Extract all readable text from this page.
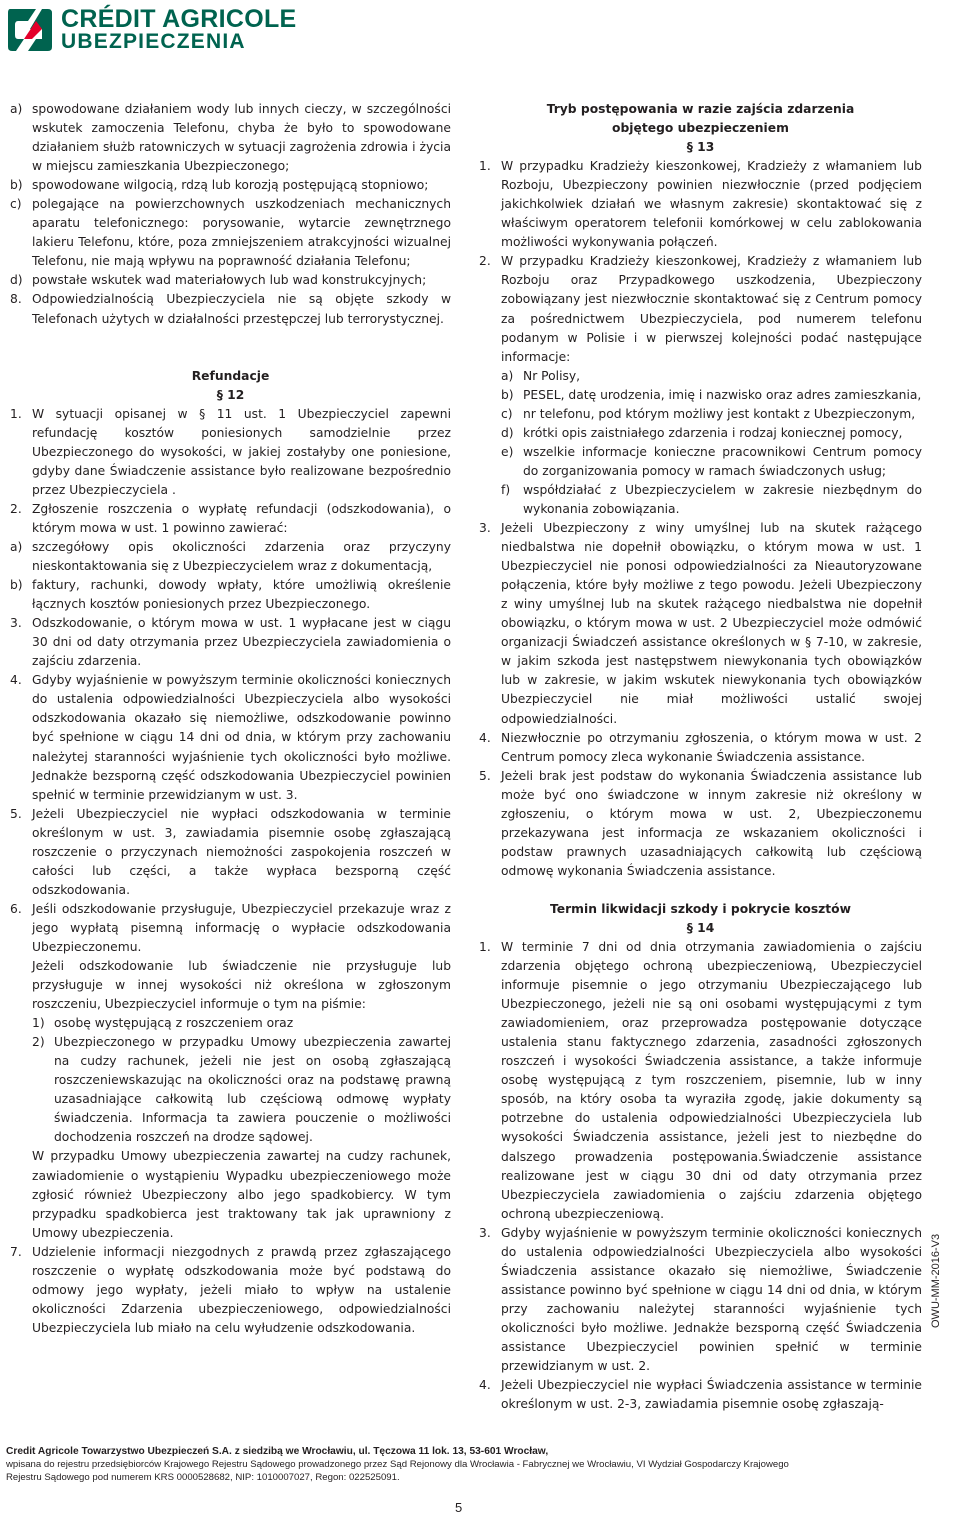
CRÉDIT AGRICOLE
UBEZPIECZENIA
a) spowodowane działaniem wody lub innych cieczy, w szczególności wskutek zamoczenia Telefonu, chyba że było to spowodowane działaniem służb ratowniczych w sytuacji zagrożenia zdrowia i życia w miejscu zamieszkania Ubezpieczonego;
b) spowodowane wilgocią, rdzą lub korozją postępującą stopniowo;
c) polegające na powierzchownych uszkodzeniach mechanicznych aparatu telefonicznego: porysowanie, wytarcie zewnętrznego lakieru Telefonu, które, poza zmniejszeniem atrakcyjności wizualnej Telefonu, nie mają wpływu na poprawność działania Telefonu;
d) powstałe wskutek wad materiałowych lub wad konstrukcyjnych;
8. Odpowiedzialnością Ubezpieczyciela nie są objęte szkody w Telefonach użytych w działalności przestępczej lub terrorystycznej.
Refundacje
§ 12
1. W sytuacji opisanej w § 11 ust. 1 Ubezpieczyciel zapewni refundację kosztów poniesionych samodzielnie przez Ubezpieczonego do wysokości, w jakiej zostałyby one poniesione, gdyby dane Świadczenie assistance było realizowane bezpośrednio przez Ubezpieczyciela .
2. Zgłoszenie roszczenia o wypłatę refundacji (odszkodowania), o którym mowa w ust. 1 powinno zawierać:
a) szczegółowy opis okoliczności zdarzenia oraz przyczyny nieskontaktowania się z Ubezpieczycielem wraz z dokumentacją,
b) faktury, rachunki, dowody wpłaty, które umożliwią określenie łącznych kosztów poniesionych przez Ubezpieczonego.
3. Odszkodowanie, o którym mowa w ust. 1 wypłacane jest w ciągu 30 dni od daty otrzymania przez Ubezpieczyciela zawiadomienia o zajściu zdarzenia.
4. Gdyby wyjaśnienie w powyższym terminie okoliczności koniecznych do ustalenia odpowiedzialności Ubezpieczyciela albo wysokości odszkodowania okazało się niemożliwe, odszkodowanie powinno być spełnione w ciągu 14 dni od dnia, w którym przy zachowaniu należytej staranności wyjaśnienie tych okoliczności było możliwe. Jednakże bezsporną część odszkodowania Ubezpieczyciel powinien spełnić w terminie przewidzianym w ust. 3.
5. Jeżeli Ubezpieczyciel nie wypłaci odszkodowania w terminie określonym w ust. 3, zawiadamia pisemnie osobę zgłaszającą roszczenie o przyczynach niemożności zaspokojenia roszczeń w całości lub części, a także wypłaca bezsporną część odszkodowania.
6. Jeśli odszkodowanie przysługuje, Ubezpieczyciel przekazuje wraz z jego wypłatą pisemną informację o wypłacie odszkodowania Ubezpieczonemu.
Jeżeli odszkodowanie lub świadczenie nie przysługuje lub przysługuje w innej wysokości niż określona w zgłoszonym roszczeniu, Ubezpieczyciel informuje o tym na piśmie:
1) osobę występującą z roszczeniem oraz
2) Ubezpieczonego w przypadku Umowy ubezpieczenia zawartej na cudzy rachunek, jeżeli nie jest on osobą zgłaszającą roszczeniewskazując na okoliczności oraz na podstawę prawną uzasadniające całkowitą lub częściową odmowę wypłaty świadczenia. Informacja ta zawiera pouczenie o możliwości dochodzenia roszczeń na drodze sądowej.
W przypadku Umowy ubezpieczenia zawartej na cudzy rachunek, zawiadomienie o wystąpieniu Wypadku ubezpieczeniowego może zgłosić również Ubezpieczony albo jego spadkobiercy. W tym przypadku spadkobierca jest traktowany tak jak uprawniony z Umowy ubezpieczenia.
7. Udzielenie informacji niezgodnych z prawdą przez zgłaszającego roszczenie o wypłatę odszkodowania może być podstawą do odmowy jego wypłaty, jeżeli miało to wpływ na ustalenie okoliczności Zdarzenia ubezpieczeniowego, odpowiedzialności Ubezpieczyciela lub miało na celu wyłudzenie odszkodowania.
Tryb postępowania w razie zajścia zdarzenia objętego ubezpieczeniem
§ 13
1. W przypadku Kradzieży kieszonkowej, Kradzieży z włamaniem lub Rozboju, Ubezpieczony powinien niezwłocznie (przed podjęciem jakichkolwiek działań we własnym zakresie) skontaktować się z właściwym operatorem telefonii komórkowej w celu zablokowania możliwości wykonywania połączeń.
2. W przypadku Kradzieży kieszonkowej, Kradzieży z włamaniem lub Rozboju oraz Przypadkowego uszkodzenia, Ubezpieczony zobowiązany jest niezwłocznie skontaktować się z Centrum pomocy za pośrednictwem Ubezpieczyciela, pod numerem telefonu podanym w Polisie i w pierwszej kolejności podać następujące informacje:
a) Nr Polisy,
b) PESEL, datę urodzenia, imię i nazwisko oraz adres zamieszkania,
c) nr telefonu, pod którym możliwy jest kontakt z Ubezpieczonym,
d) krótki opis zaistniałego zdarzenia i rodzaj koniecznej pomocy,
e) wszelkie informacje konieczne pracownikowi Centrum pomocy do zorganizowania pomocy w ramach świadczonych usług;
f)	współdziałać z Ubezpieczycielem w zakresie niezbędnym do wykonania zobowiązania.
3. Jeżeli Ubezpieczony z winy umyślnej lub na skutek rażącego niedbalstwa nie dopełnił obowiązku, o którym mowa w ust. 1 Ubezpieczyciel nie ponosi odpowiedzialności za Nieautoryzowane połączenia, które były możliwe z tego powodu. Jeżeli Ubezpieczony z winy umyślnej lub na skutek rażącego niedbalstwa nie dopełnił obowiązku, o którym mowa w ust. 2 Ubezpieczyciel może odmówić organizacji Świadczeń assistance określonych w § 7-10, w zakresie, w jakim szkoda jest następstwem niewykonania tych obowiązków lub w zakresie, w jakim wskutek niewykonania tych obowiązków Ubezpieczyciel nie miał możliwości ustalić swojej odpowiedzialności.
4. Niezwłocznie po otrzymaniu zgłoszenia, o którym mowa w ust. 2 Centrum pomocy zleca wykonanie Świadczenia assistance.
5. Jeżeli brak jest podstaw do wykonania Świadczenia assistance lub może być ono świadczone w innym zakresie niż określony w zgłoszeniu, o którym mowa w ust. 2, Ubezpieczonemu przekazywana jest informacja ze wskazaniem okoliczności i podstaw prawnych uzasadniających całkowitą lub częściową odmowę wykonania Świadczenia assistance.
Termin likwidacji szkody i pokrycie kosztów
§ 14
1. W terminie 7 dni od dnia otrzymania zawiadomienia o zajściu zdarzenia objętego ochroną ubezpieczeniową, Ubezpieczyciel informuje pisemnie o jego otrzymaniu Ubezpieczającego lub Ubezpieczonego, jeżeli nie są oni osobami występującymi z tym zawiadomieniem, oraz przeprowadza postępowanie dotyczące ustalenia stanu faktycznego zdarzenia, zasadności zgłoszonych roszczeń i wysokości Świadczenia assistance, a także informuje osobę występującą z tym roszczeniem, pisemnie, lub w inny sposób, na który osoba ta wyraziła zgodę, jakie dokumenty są potrzebne do ustalenia odpowiedzialności Ubezpieczyciela lub wysokości Świadczenia assistance, jeżeli jest to niezbędne do dalszego prowadzenia postępowania.Świadczenie assistance realizowane jest w ciągu 30 dni od daty otrzymania przez Ubezpieczyciela zawiadomienia o zajściu zdarzenia objętego ochroną ubezpieczeniową.
3. Gdyby wyjaśnienie w powyższym terminie okoliczności koniecznych do ustalenia odpowiedzialności Ubezpieczyciela albo wysokości Świadczenia assistance okazało się niemożliwe, Świadczenie assistance powinno być spełnione w ciągu 14 dni od dnia, w którym przy zachowaniu należytej staranności wyjaśnienie tych okoliczności było możliwe. Jednakże bezsporną część Świadczenia assistance Ubezpieczyciel powinien spełnić w terminie przewidzianym w ust. 2.
4. Jeżeli Ubezpieczyciel nie wypłaci Świadczenia assistance w terminie określonym w ust. 2-3, zawiadamia pisemnie osobę zgłaszają-
OWU-MM-2016-V3
Credit Agricole Towarzystwo Ubezpieczeń S.A. z siedzibą we Wrocławiu, ul. Tęczowa 11 lok. 13, 53-601 Wrocław,
wpisana do rejestru przedsiębiorców Krajowego Rejestru Sądowego prowadzonego przez Sąd Rejonowy dla Wrocławia - Fabrycznej we Wrocławiu, VI Wydział Gospodarczy Krajowego
Rejestru Sądowego pod numerem KRS 0000528682, NIP: 1010007027, Regon: 022525091.
5
